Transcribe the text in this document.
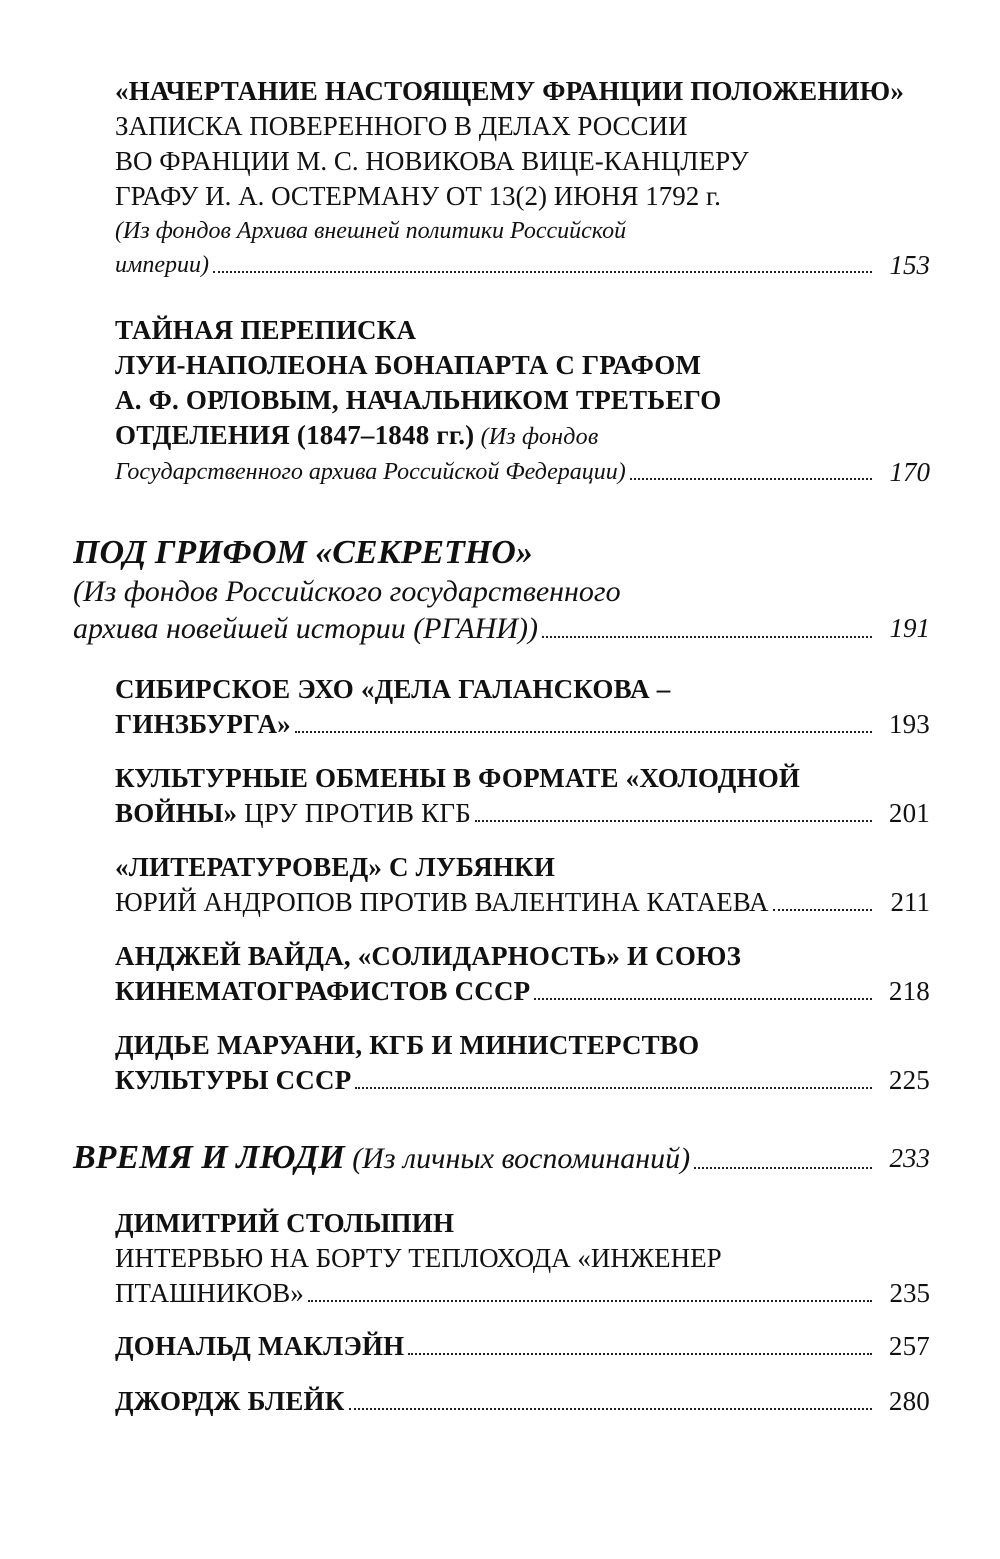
«НАЧЕРТАНИЕ НАСТОЯЩЕМУ ФРАНЦИИ ПОЛОЖЕНИЮ»
ЗАПИСКА ПОВЕРЕННОГО В ДЕЛАХ РОССИИ
ВО ФРАНЦИИ М. С. НОВИКОВА ВИЦЕ-КАНЦЛЕРУ
ГРАФУ И. А. ОСТЕРМАНУ ОТ 13(2) ИЮНЯ 1792 г.
(Из фондов Архива внешней политики Российской
империи)	153
ТАЙНАЯ ПЕРЕПИСКА
ЛУИ-НАПОЛЕОНА БОНАПАРТА С ГРАФОМ
А. Ф. ОРЛОВЫМ, НАЧАЛЬНИКОМ ТРЕТЬЕГО
ОТДЕЛЕНИЯ (1847–1848 гг.) (Из фондов
Государственного архива Российской Федерации)	170
ПОД ГРИФОМ «СЕКРЕТНО»
(Из фондов Российского государственного
архива новейшей истории (РГАНИ))	191
СИБИРСКОЕ ЭХО «ДЕЛА ГАЛАНСКОВА –
ГИНЗБУРГА»	193
КУЛЬТУРНЫЕ ОБМЕНЫ В ФОРМАТЕ «ХОЛОДНОЙ
ВОЙНЫ» ЦРУ ПРОТИВ КГБ	201
«ЛИТЕРАТУРОВЕД» С ЛУБЯНКИ
ЮРИЙ АНДРОПОВ ПРОТИВ ВАЛЕНТИНА КАТАЕВА	211
АНДЖЕЙ ВАЙДА, «СОЛИДАРНОСТЬ» И СОЮЗ
КИНЕМАТОГРАФИСТОВ СССР	218
ДИДЬЕ МАРУАНИ, КГБ И МИНИСТЕРСТВО
КУЛЬТУРЫ СССР	225
ВРЕМЯ И ЛЮДИ (Из личных воспоминаний)	233
ДИМИТРИЙ СТОЛЫПИН
ИНТЕРВЬЮ НА БОРТУ ТЕПЛОХОДА «ИНЖЕНЕР
ПТАШНИКОВ»	235
ДОНАЛЬД МАКЛЭЙН	257
ДЖОРДЖ БЛЕЙК	280
